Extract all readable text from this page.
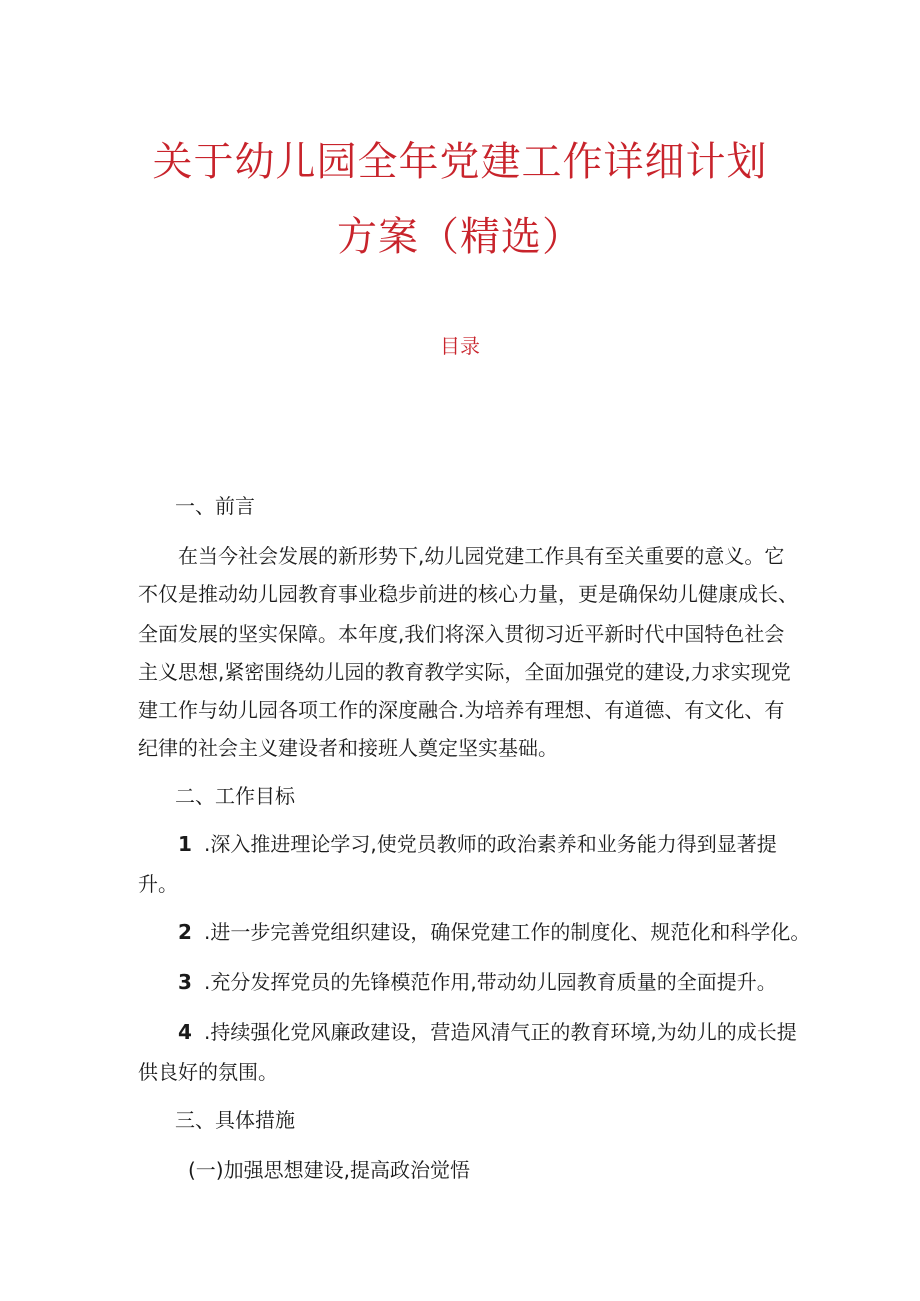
关于幼儿园全年党建工作详细计划
方案（精选）
目录
一、前言
在当今社会发展的新形势下,幼儿园党建工作具有至关重要的意义。它
不仅是推动幼儿园教育事业稳步前进的核心力量，更是确保幼儿健康成长、
全面发展的坚实保障。本年度,我们将深入贯彻习近平新时代中国特色社会
主义思想,紧密围绕幼儿园的教育教学实际，全面加强党的建设,力求实现党
建工作与幼儿园各项工作的深度融合.为培养有理想、有道德、有文化、有
纪律的社会主义建设者和接班人奠定坚实基础。
二、工作目标
1 .深入推进理论学习,使党员教师的政治素养和业务能力得到显著提
升。
2 .进一步完善党组织建设，确保党建工作的制度化、规范化和科学化。
3 .充分发挥党员的先锋模范作用,带动幼儿园教育质量的全面提升。
4 .持续强化党风廉政建设，营造风清气正的教育环境,为幼儿的成长提
供良好的氛围。
三、具体措施
(一)加强思想建设,提高政治觉悟
